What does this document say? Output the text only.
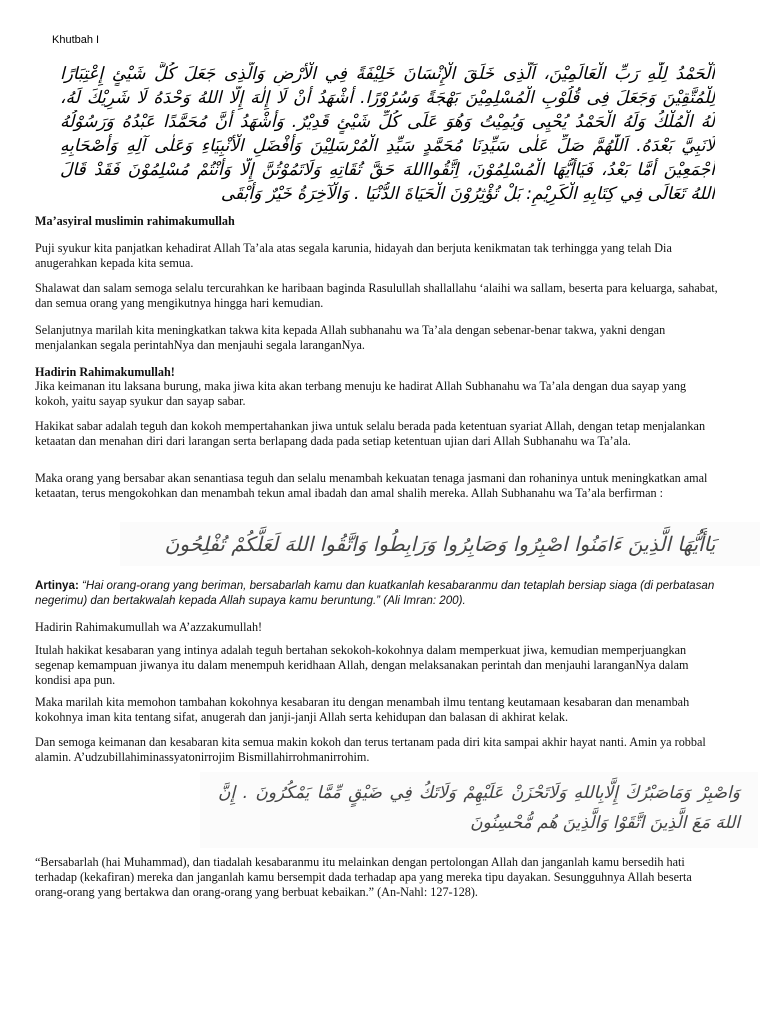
Khutbah I
اَلْحَمْدُ لِلّٰهِ رَبِّ الْعَالَمِيْنَ، اَلَّذِى خَلَقَ الْإِنْسَانَ خَلِيْفَةً فِي الْأَرْضِ وَالَّذِى جَعَلَ كُلَّ شَيْئٍ إِعْتِبَارًا
لِلْمُتَّقِيْنَ وَجَعَلَ فِى قُلُوْبِ الْمُسْلِمِيْنَ بَهْجَةً وَسُرُوْرًا. أَشْهَدُ أَنْ لَا إِلٰهَ إِلَّا اللهُ وَحْدَهُ لَا شَرِيْكَ لَهُ،
لَهُ الْمُلْكُ وَلَهُ الْحَمْدُ يُحْيِى وَيُمِيْتُ وَهُوَ عَلَى كُلِّ شَيْئٍ قَدِيْرٌ. وَأَشْهَدُ أَنَّ مُحَمَّدًا عَبْدُهُ وَرَسُوْلُهُ
لَانَبِيَّ بَعْدَهُ. اَللّٰهُمَّ صَلِّ عَلٰى سَيِّدِنَا مُحَمَّدٍ سَيِّدِ الْمُرْسَلِيْنَ وَأَفْضَلِ الْأَنْبِيَاءِ وَعَلٰى آلِهِ وَأَصْحَابِهِ
أَجْمَعِيْنَ أَمَّا بَعْدُ، فَيَاأَيُّهَا الْمُسْلِمُوْنَ، اِتَّقُوااللهَ حَقَّ تُقَاتِهِ وَلَاتَمُوْتُنَّ إِلَّا وَأَنْتُمْ مُسْلِمُوْنَ فَقَدْ قَالَ
اللهُ تَعَالَى فِي كِتَابِهِ الْكَرِيْمِ: بَلْ تُؤْثِرُوْنَ الْحَيَاةَ الدُّنْيَا . وَالْآخِرَةُ خَيْرٌ وَأَبْقَى

Ma’asyiral muslimin rahimakumullah

Puji syukur kita panjatkan kehadirat Allah Ta’ala atas segala karunia, hidayah dan berjuta kenikmatan tak terhingga yang telah Dia anugerahkan kepada kita semua.

Shalawat dan salam semoga selalu tercurahkan ke haribaan baginda Rasulullah shallallahu ‘alaihi wa sallam, beserta para keluarga, sahabat, dan semua orang yang mengikutnya hingga hari kemudian.

Selanjutnya marilah kita meningkatkan takwa kita kepada Allah subhanahu wa Ta’ala dengan sebenar-benar takwa, yakni dengan menjalankan segala perintahNya dan menjauhi segala laranganNya.

Hadirin Rahimakumullah!

Jika keimanan itu laksana burung, maka jiwa kita akan terbang menuju ke hadirat Allah Subhanahu wa Ta’ala dengan dua sayap yang kokoh, yaitu sayap syukur dan sayap sabar.

Hakikat sabar adalah teguh dan kokoh mempertahankan jiwa untuk selalu berada pada ketentuan syariat Allah, dengan tetap menjalankan ketaatan dan menahan diri dari larangan serta berlapang dada pada setiap ketentuan ujian dari Allah Subhanahu wa Ta’ala.

Maka orang yang bersabar akan senantiasa teguh dan selalu menambah kekuatan tenaga jasmani dan rohaninya untuk meningkatkan amal ketaatan, terus mengokohkan dan menambah tekun amal ibadah dan amal shalih mereka. Allah Subhanahu wa Ta’ala berfirman :

يَاأَيُّهَا الَّذِينَ ءَامَنُوا اصْبِرُوا وَصَابِرُوا وَرَابِطُوا وَاتَّقُوا اللهَ لَعَلَّكُمْ تُفْلِحُونَ

Artinya: “Hai orang-orang yang beriman, bersabarlah kamu dan kuatkanlah kesabaranmu dan tetaplah bersiap siaga (di perbatasan negerimu) dan bertakwalah kepada Allah supaya kamu beruntung.” (Ali Imran: 200).

Hadirin Rahimakumullah wa A’azzakumullah!

Itulah hakikat kesabaran yang intinya adalah teguh bertahan sekokoh-kokohnya dalam memperkuat jiwa, kemudian memperjuangkan segenap kemampuan jiwanya itu dalam menempuh keridhaan Allah, dengan melaksanakan perintah dan menjauhi laranganNya dalam kondisi apa pun.

Maka marilah kita memohon tambahan kokohnya kesabaran itu dengan menambah ilmu tentang keutamaan kesabaran dan menambah kokohnya iman kita tentang sifat, anugerah dan janji-janji Allah serta kehidupan dan balasan di akhirat kelak.

Dan semoga keimanan dan kesabaran kita semua makin kokoh dan terus tertanam pada diri kita sampai akhir hayat nanti. Amin ya robbal alamin. A’udzubillahiminassyatonirrojim Bismillahirrohmanirrohim.

وَاصْبِرْ وَمَاصَبْرُكَ إِلَّابِاللهِ وَلَاتَحْزَنْ عَلَيْهِمْ وَلَاتَكُ فِي ضَيْقٍ مِّمَّا يَمْكُرُونَ . إِنَّ
اللهَ مَعَ الَّذِينَ اتَّقَوْا وَالَّذِينَ هُم مُّحْسِنُونَ

“Bersabarlah (hai Muhammad), dan tiadalah kesabaranmu itu melainkan dengan pertolongan Allah dan janganlah kamu bersedih hati terhadap (kekafiran) mereka dan janganlah kamu bersempit dada terhadap apa yang mereka tipu dayakan. Sesungguhnya Allah beserta orang-orang yang bertakwa dan orang-orang yang berbuat kebaikan.” (An-Nahl: 127-128).
